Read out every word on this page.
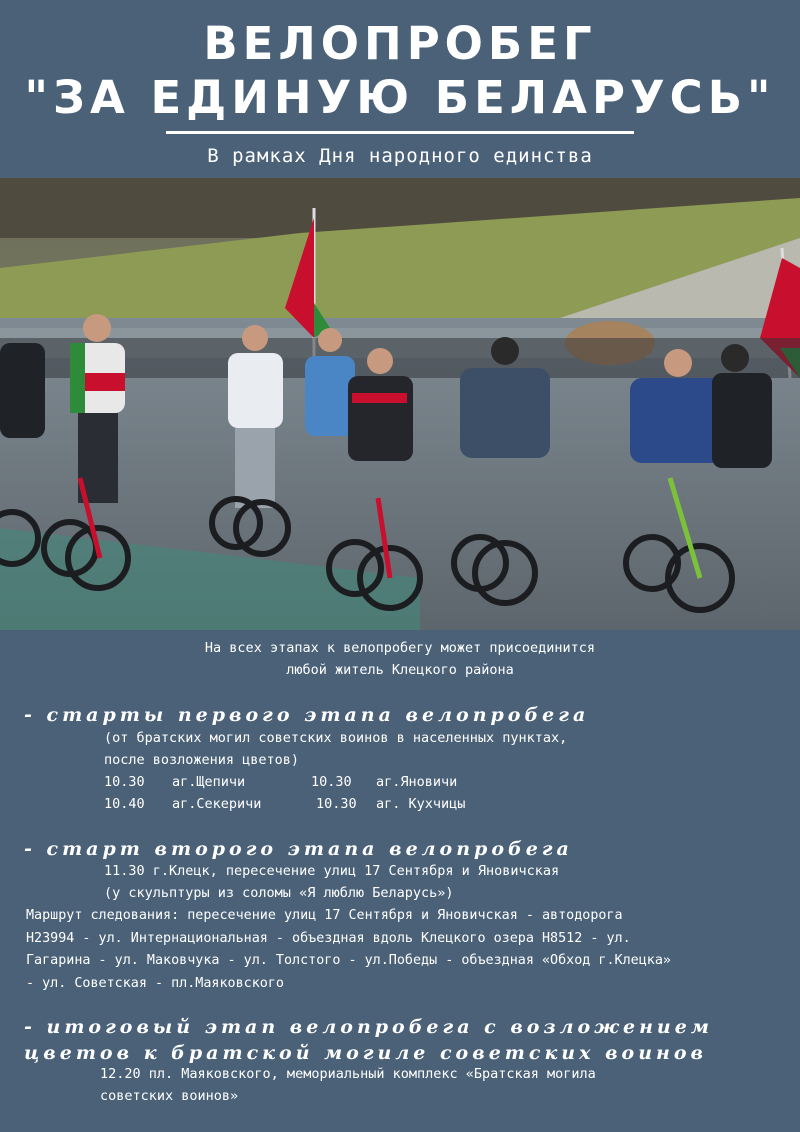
ВЕЛОПРОБЕГ
"ЗА ЕДИНУЮ БЕЛАРУСЬ"
В рамках Дня народного единства
На всех этапах к велопробегу может присоединится
любой житель Клецкого района
- старты первого этапа велопробега
(от братских могил советских воинов в населенных пунктах,
после возложения цветов)
10.30 аг.Щепичи	10.30 аг.Яновичи
10.40 аг.Секеричи	10.30 аг. Кухчицы
- старт второго этапа велопробега
11.30 г.Клецк, пересечение улиц 17 Сентября и Яновичская
(у скульптуры из соломы «Я люблю Беларусь»)
Маршрут следования: пересечение улиц 17 Сентября и Яновичская - автодорога
Н23994 - ул. Интернациональная - объездная вдоль Клецкого озера Н8512 - ул.
Гагарина - ул. Маковчука - ул. Толстого - ул.Победы - объездная «Обход г.Клецка»
- ул. Советская - пл.Маяковского
- итоговый этап велопробега с возложением
цветов к братской могиле советских воинов
12.20 пл. Маяковского, мемориальный комплекс «Братская могила
советских воинов»
